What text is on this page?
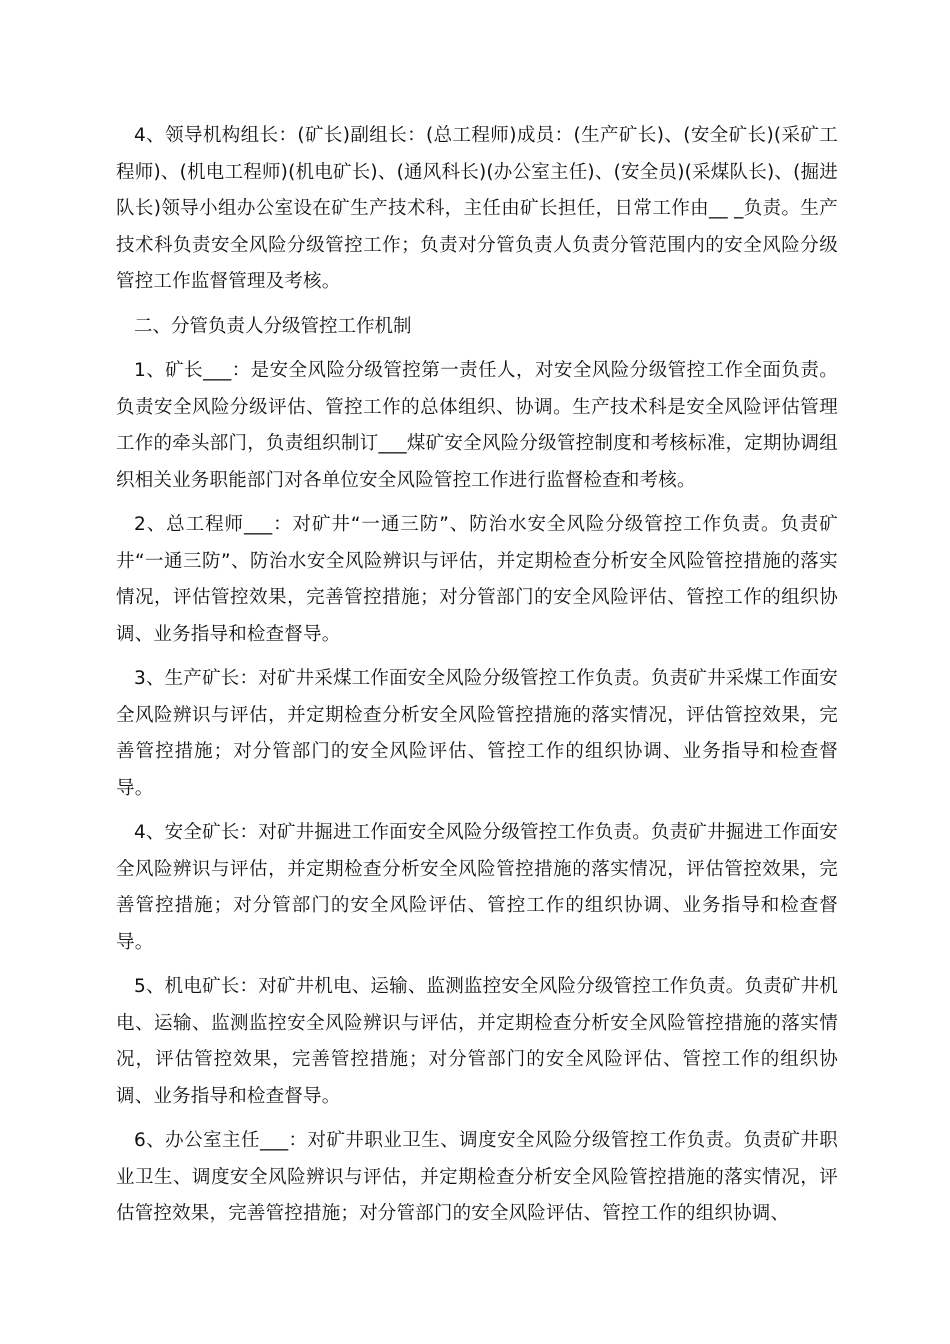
4、领导机构组长：(矿长)副组长：(总工程师)成员：(生产矿长)、(安全矿长)(采矿工程师)、(机电工程师)(机电矿长)、(通风科长)(办公室主任)、(安全员)(采煤队长)、(掘进队长)领导小组办公室设在矿生产技术科，主任由矿长担任，日常工作由__ _负责。生产技术科负责安全风险分级管控工作；负责对分管负责人负责分管范围内的安全风险分级管控工作监督管理及考核。

二、分管负责人分级管控工作机制

1、矿长___：是安全风险分级管控第一责任人，对安全风险分级管控工作全面负责。负责安全风险分级评估、管控工作的总体组织、协调。生产技术科是安全风险评估管理工作的牵头部门，负责组织制订___煤矿安全风险分级管控制度和考核标准，定期协调组织相关业务职能部门对各单位安全风险管控工作进行监督检查和考核。

2、总工程师___：对矿井“一通三防”、防治水安全风险分级管控工作负责。负责矿井“一通三防”、防治水安全风险辨识与评估，并定期检查分析安全风险管控措施的落实情况，评估管控效果，完善管控措施；对分管部门的安全风险评估、管控工作的组织协调、业务指导和检查督导。

3、生产矿长：对矿井采煤工作面安全风险分级管控工作负责。负责矿井采煤工作面安全风险辨识与评估，并定期检查分析安全风险管控措施的落实情况，评估管控效果，完善管控措施；对分管部门的安全风险评估、管控工作的组织协调、业务指导和检查督导。

4、安全矿长：对矿井掘进工作面安全风险分级管控工作负责。负责矿井掘进工作面安全风险辨识与评估，并定期检查分析安全风险管控措施的落实情况，评估管控效果，完善管控措施；对分管部门的安全风险评估、管控工作的组织协调、业务指导和检查督导。

5、机电矿长：对矿井机电、运输、监测监控安全风险分级管控工作负责。负责矿井机电、运输、监测监控安全风险辨识与评估，并定期检查分析安全风险管控措施的落实情况，评估管控效果，完善管控措施；对分管部门的安全风险评估、管控工作的组织协调、业务指导和检查督导。

6、办公室主任___：对矿井职业卫生、调度安全风险分级管控工作负责。负责矿井职业卫生、调度安全风险辨识与评估，并定期检查分析安全风险管控措施的落实情况，评估管控效果，完善管控措施；对分管部门的安全风险评估、管控工作的组织协调、
